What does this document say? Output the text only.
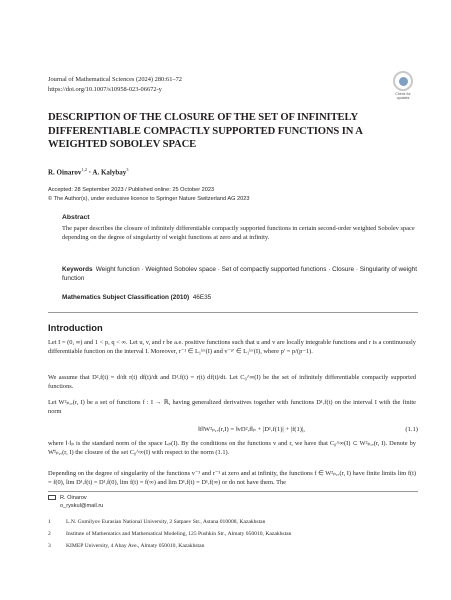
Journal of Mathematical Sciences (2024) 280:61–72
https://doi.org/10.1007/s10958-023-06672-y
Check for updates
DESCRIPTION OF THE CLOSURE OF THE SET OF INFINITELY DIFFERENTIABLE COMPACTLY SUPPORTED FUNCTIONS IN A WEIGHTED SOBOLEV SPACE
R. Oinarov$^{1,2}$ · A. Kalybay$^3$
Accepted: 28 September 2023 / Published online: 25 October 2023
© The Author(s), under exclusive licence to Springer Nature Switzerland AG 2023
Abstract
The paper describes the closure of infinitely differentiable compactly supported functions in certain second-order weighted Sobolev space depending on the degree of singularity of weight functions at zero and at infinity.
Keywords Weight function · Weighted Sobolev space · Set of compactly supported functions · Closure · Singularity of weight function
Mathematics Subject Classification (2010) 46E35
Introduction

Let I = (0, ∞) and 1 < p, q < ∞. Let u, v, and r be a.e. positive functions such that u and v are locally integrable functions and r is a continuously differentiable function on the interval I. Moreover, r⁻¹ ∈ L₁ˡᵒᶜ(I) and v⁻ᵖ′ ∈ L₁ˡᵒᶜ(I), where p′ = p/(p−1).

We assume that D²ᵣf(t) = d/dt r(t) df(t)/dt and D¹ᵣf(t) = r(t) df(t)/dt. Let C₀^∞(I) be the set of infinitely differentiable compactly supported functions.

Let W²ₚ,ᵥ(r, I) be a set of functions f : I → ℝ, having generalized derivatives together with functions D¹ᵣf(t) on the interval I with the finite norm

‖f‖W²ₚ,ᵥ(r,I) = ‖vD²ᵣf‖ₚ + |D¹ᵣf(1)| + |f(1)|,	(1.1)

where ‖·‖ₚ is the standard norm of the space Lₚ(I). By the conditions on the functions v and r, we have that C₀^∞(I) ⊂ W²ₚ,ᵥ(r, I). Denote by W̊²ₚ,ᵥ(r, I) the closure of the set C₀^∞(I) with respect to the norm (1.1).

Depending on the degree of singularity of the functions v⁻¹ and r⁻¹ at zero and at infinity, the functions f ∈ W²ₚ,ᵥ(r, I) have finite limits lim f(t) = f(0), lim D¹ᵣf(t) = D¹ᵣf(0), lim f(t) = f(∞) and lim D¹ᵣf(t) = D¹ᵣf(∞) or do not have them. The

R. Oinarov
o_ryskul@mail.ru
1	L.N. Gumilyov Eurasian National University, 2 Satpaev Str., Astana 010008, Kazakhstan
2	Institute of Mathematics and Mathematical Modeling, 125 Pushkin Str., Almaty 050010, Kazakhstan
3	KIMEP University, 4 Abay Ave., Almaty 050010, Kazakhstan
